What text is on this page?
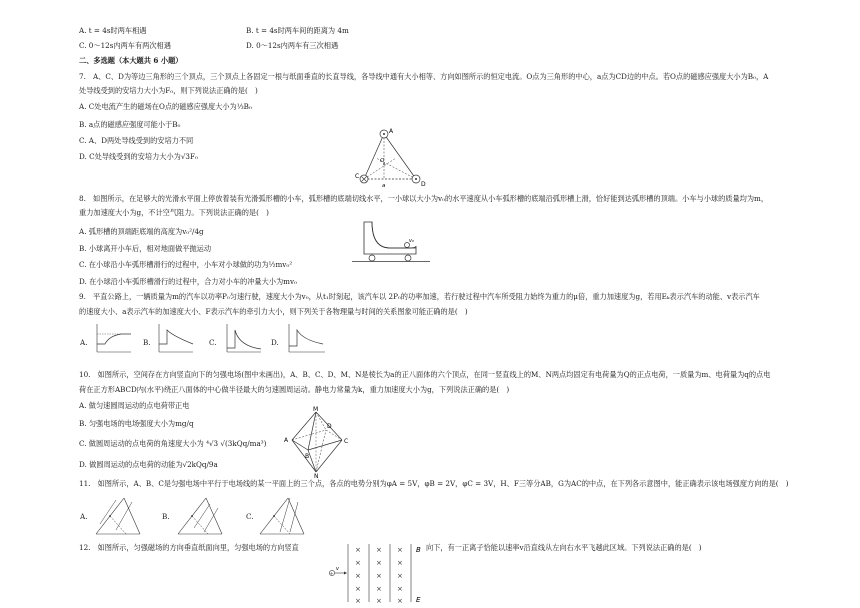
A. t = 4s时两车相遇	B. t = 4s时两车间的距离为 4m
C. 0～12s内两车有两次相遇	D. 0～12s内两车有三次相遇
二、多选题（本大题共 6 小题）
7.　A、C、D为等边三角形的三个顶点，三个顶点上各固定一根与纸面垂直的长直导线，各导线中通有大小相等、方向如图所示的恒定电流。O点为三角形的中心，a点为CD边的中点。若O点的磁感应强度大小为B₀，A
处导线受到的安培力大小为F₀，则下列说法正确的是(　)
A. C处电流产生的磁场在O点的磁感应强度大小为⅓B₀
B. a点的磁感应强度可能小于B₀
C. A、D两处导线受到的安培力不同
D. C处导线受到的安培力大小为√3F₀
A
C
D
O
a
8.　如图所示，在足够大的光滑水平面上停放着装有光滑弧形槽的小车，弧形槽的底端切线水平，一小球以大小为v₀的水平速度从小车弧形槽的底端沿弧形槽上滑，恰好能到达弧形槽的顶端。小车与小球的质量均为m，
重力加速度大小为g，不计空气阻力。下列说法正确的是(　)
A. 弧形槽的顶端距底端的高度为v₀²/4g
B. 小球离开小车后，相对地面做平抛运动
C. 在小球沿小车弧形槽滑行的过程中，小车对小球做的功为½mv₀²
D. 在小球沿小车弧形槽滑行的过程中，合力对小车的冲量大小为mv₀
v₀
9.　平直公路上，一辆质量为m的汽车以功率P₀匀速行驶，速度大小为v₀，从t₁时刻起，该汽车以 2P₀的功率加速，若行驶过程中汽车所受阻力始终为重力的μ倍，重力加速度为g，若用Eₖ表示汽车的动能、v表示汽车
的速度大小、a表示汽车的加速度大小、F表示汽车的牵引力大小，则下列关于各物理量与时间的关系图象可能正确的是(　)
A.	B.	C.	D.
10.　如图所示，空间存在方向竖直向下的匀强电场(图中未画出)，A、B、C、D、M、N是棱长为a的正八面体的六个顶点，在同一竖直线上的M、N两点均固定有电荷量为Q的正点电荷，一质量为m、电荷量为q的点电
荷在正方形ABCD内(水平)绕正八面体的中心做半径最大的匀速圆周运动。静电力常量为k，重力加速度大小为g，下列说法正确的是(　)
A. 做匀速圆周运动的点电荷带正电
B. 匀强电场的电场强度大小为mg/q
C. 做圆周运动的点电荷的角速度大小为 ⁴√3 √(3kQq/ma³)
D. 做圆周运动的点电荷的动能为√2kQq/9a
M
N
A
B
C
D
11.　如图所示，A、B、C是匀强电场中平行于电场线的某一平面上的三个点，各点的电势分别为φA = 5V，φB = 2V，φC = 3V，H、F三等分AB，G为AC的中点，在下列各示意图中，能正确表示该电场强度方向的是(　)
A.	B.	C.
12.　如图所示，匀强磁场的方向垂直纸面向里，匀强电场的方向竖直	向下，有一正离子恰能以速率v沿直线从左向右水平飞越此区域。下列说法正确的是(　)
× × ×
× × ×
× × ×
× × ×
× × ×
+
v
B
E
